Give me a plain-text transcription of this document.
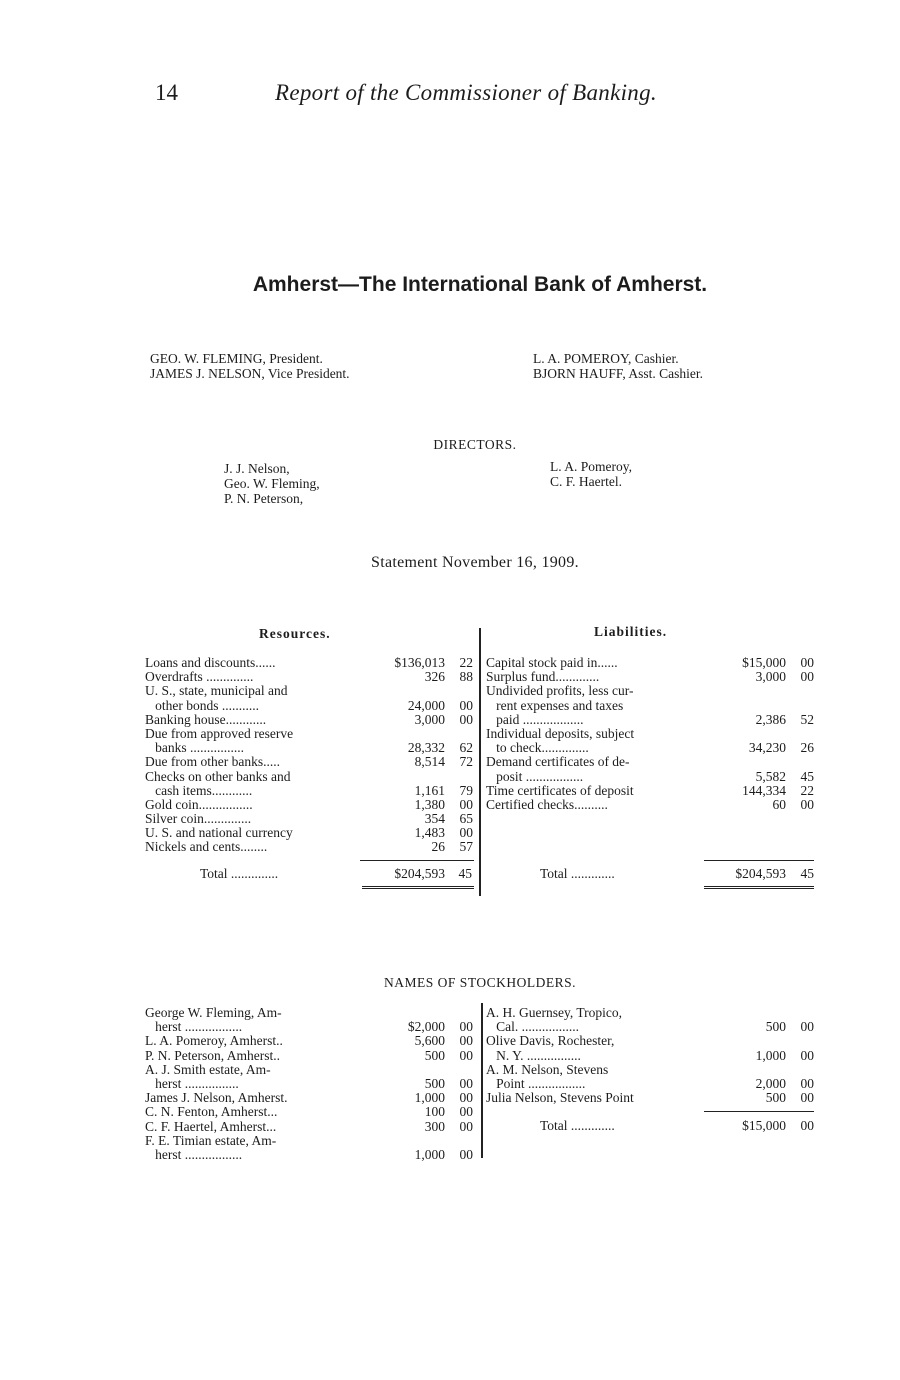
14	Report of the Commissioner of Banking.
Amherst—The International Bank of Amherst.
GEO. W. FLEMING, President.
JAMES J. NELSON, Vice President.
L. A. POMEROY, Cashier.
BJORN HAUFF, Asst. Cashier.
DIRECTORS.
J. J. Nelson,
Geo. W. Fleming,
P. N. Peterson,
L. A. Pomeroy,
C. F. Haertel.
Statement November 16, 1909.
Resources.	Liabilities.
Loans and discounts......	$136,013 22
Overdrafts ..............	326 88
U. S., state, municipal and
other bonds ...........	24,000 00
Banking house............	3,000 00
Due from approved reserve
banks ................	28,332 62
Due from other banks.....	8,514 72
Checks on other banks and
cash items............	1,161 79
Gold coin................	1,380 00
Silver coin..............	354 65
U. S. and national currency	1,483 00
Nickels and cents........	26 57
Total ..............	$204,593 45
Capital stock paid in......	$15,000 00
Surplus fund.............	3,000 00
Undivided profits, less cur-
rent expenses and taxes
paid ..................	2,386 52
Individual deposits, subject
to check..............	34,230 26
Demand certificates of de-
posit .................	5,582 45
Time certificates of deposit	144,334 22
Certified checks..........	60 00
Total .............	$204,593 45
NAMES OF STOCKHOLDERS.
George W. Fleming, Am-
herst .................	$2,000 00
L. A. Pomeroy, Amherst..	5,600 00
P. N. Peterson, Amherst..	500 00
A. J. Smith estate, Am-
herst ................	500 00
James J. Nelson, Amherst.	1,000 00
C. N. Fenton, Amherst...	100 00
C. F. Haertel, Amherst...	300 00
F. E. Timian estate, Am-
herst .................	1,000 00
A. H. Guernsey, Tropico,
Cal. .................	500 00
Olive Davis, Rochester,
N. Y. ................	1,000 00
A. M. Nelson, Stevens
Point .................	2,000 00
Julia Nelson, Stevens Point	500 00
Total .............	$15,000 00
